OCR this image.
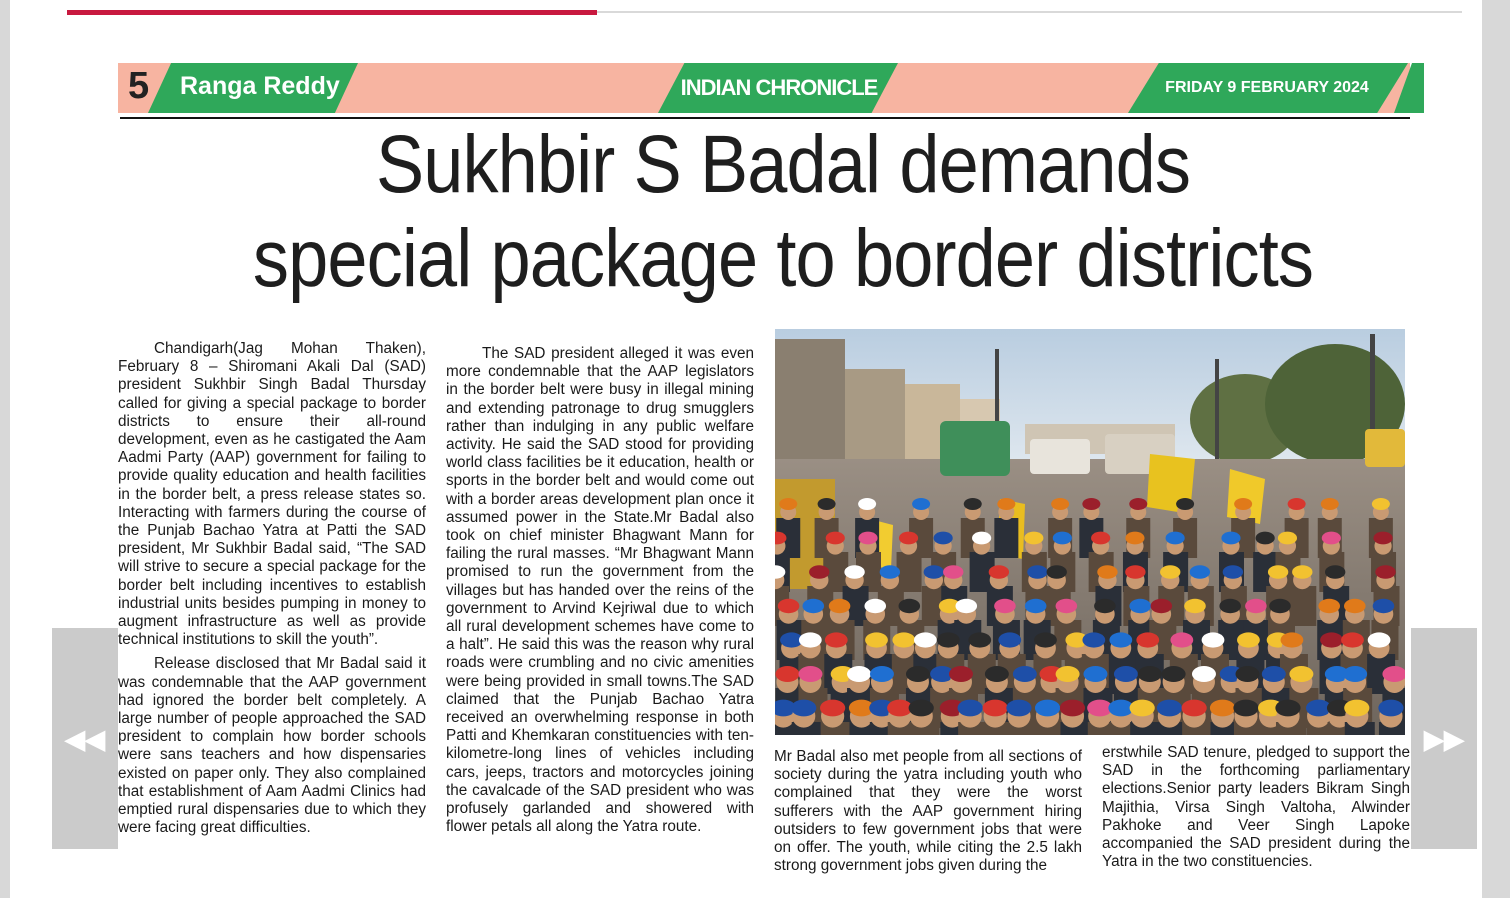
5 Ranga Reddy	INDIAN CHRONICLE	FRIDAY 9 FEBRUARY 2024
Sukhbir S Badal demands
special package to border districts

Chandigarh(Jag Mohan Thaken), February 8 – Shiromani Akali Dal (SAD) president Sukhbir Singh Badal Thursday called for giving a special package to border districts to ensure their all-round development, even as he castigated the Aam Aadmi Party (AAP) government for failing to provide quality education and health facilities in the border belt, a press release states so. Interacting with farmers during the course of the Punjab Bachao Yatra at Patti the SAD president, Mr Sukhbir Badal said, “The SAD will strive to secure a special package for the border belt including incentives to establish industrial units besides pumping in money to augment infrastructure as well as provide technical institutions to skill the youth”.

Release disclosed that Mr Badal said it was condemnable that the AAP government had ignored the border belt completely. A large number of people approached the SAD president to complain how border schools were sans teachers and how dispensaries existed on paper only. They also complained that establishment of Aam Aadmi Clinics had emptied rural dispensaries due to which they were facing great difficulties.

The SAD president alleged it was even more condemnable that the AAP legislators in the border belt were busy in illegal mining and extending patronage to drug smugglers rather than indulging in any public welfare activity. He said the SAD stood for providing world class facilities be it education, health or sports in the border belt and would come out with a border areas development plan once it assumed power in the State.Mr Badal also took on chief minister Bhagwant Mann for failing the rural masses. “Mr Bhagwant Mann promised to run the government from the villages but has handed over the reins of the government to Arvind Kejriwal due to which all rural development schemes have come to a halt”. He said this was the reason why rural roads were crumbling and no civic amenities were being provided in small towns.The SAD claimed that the Punjab Bachao Yatra received an overwhelming response in both Patti and Khemkaran constituencies with ten-kilometre-long lines of vehicles including cars, jeeps, tractors and motorcycles joining the cavalcade of the SAD president who was profusely garlanded and showered with flower petals all along the Yatra route.

Mr Badal also met people from all sections of society during the yatra including youth who complained that they were the worst sufferers with the AAP government hiring outsiders to few government jobs that were on offer. The youth, while citing the 2.5 lakh strong government jobs given during the

erstwhile SAD tenure, pledged to support the SAD in the forthcoming parliamentary elections.Senior party leaders Bikram Singh Majithia, Virsa Singh Valtoha, Alwinder Pakhoke and Veer Singh Lapoke accompanied the SAD president during the Yatra in the two constituencies.

◀◀	▶▶
